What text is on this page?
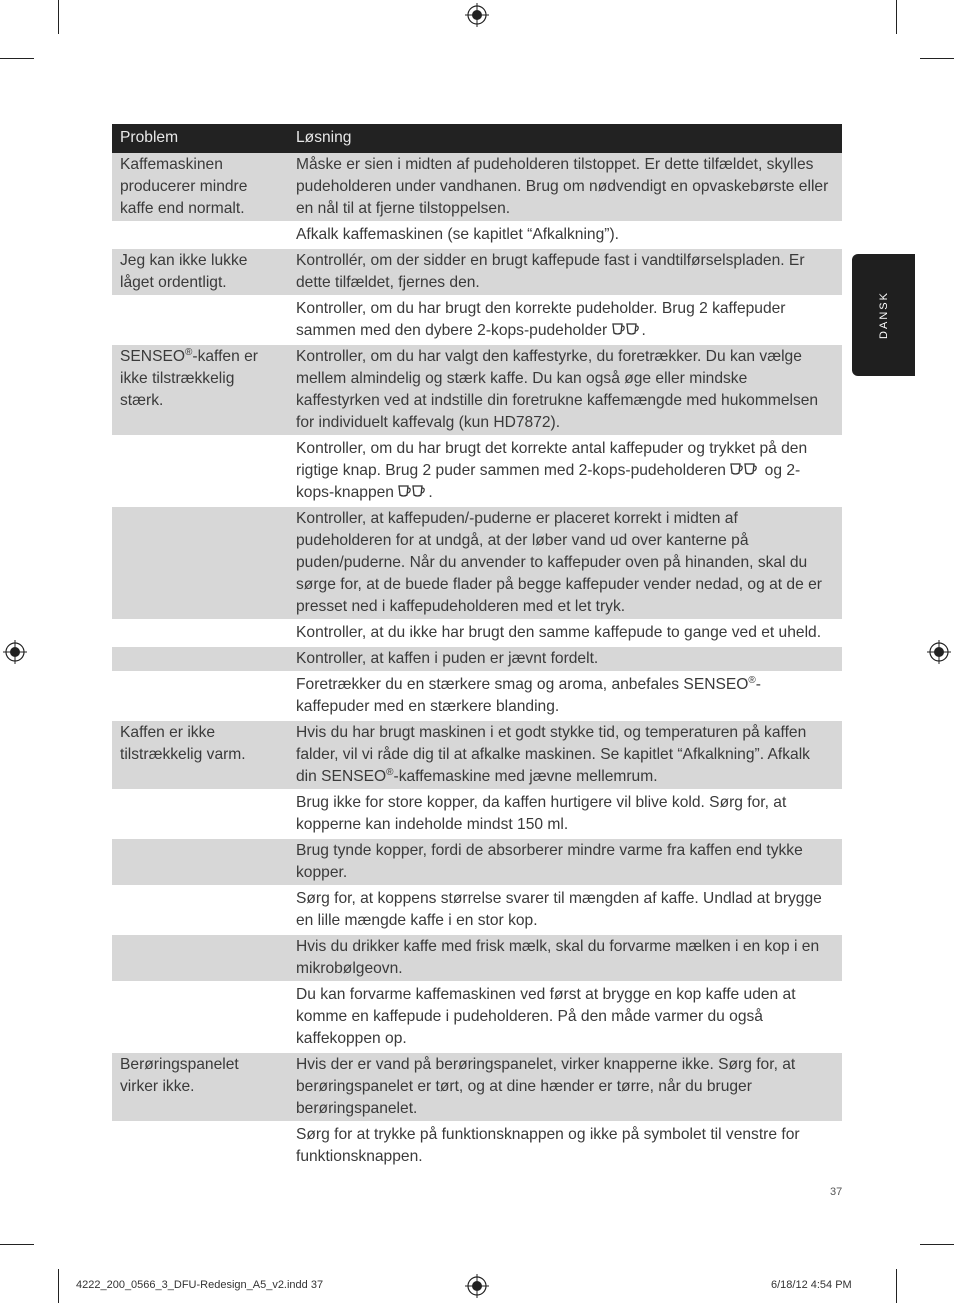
DANSK
Problem	Løsning
Kaffemaskinen producerer mindre kaffe end normalt.	Måske er sien i midten af pudeholderen tilstoppet. Er dette tilfældet, skylles pudeholderen under vandhanen. Brug om nødvendigt en opvaskebørste eller en nål til at fjerne tilstoppelsen.
	Afkalk kaffemaskinen (se kapitlet “Afkalkning”).
Jeg kan ikke lukke låget ordentligt.	Kontrollér, om der sidder en brugt kaffepude fast i vandtilførselspladen. Er dette tilfældet, fjernes den.
	Kontroller, om du har brugt den korrekte pudeholder. Brug 2 kaffepuder sammen med den dybere 2-kops-pudeholder .
SENSEO®-kaffen er ikke tilstrækkelig stærk.	Kontroller, om du har valgt den kaffestyrke, du foretrækker. Du kan vælge mellem almindelig og stærk kaffe. Du kan også øge eller mindske kaffestyrken ved at indstille din foretrukne kaffemængde med hukommelsen for individuelt kaffevalg (kun HD7872).
	Kontroller, om du har brugt det korrekte antal kaffepuder og trykket på den rigtige knap. Brug 2 puder sammen med 2-kops-pudeholderen og 2-kops-knappen .
	Kontroller, at kaffepuden/-puderne er placeret korrekt i midten af pudeholderen for at undgå, at der løber vand ud over kanterne på puden/puderne. Når du anvender to kaffepuder oven på hinanden, skal du sørge for, at de buede flader på begge kaffepuder vender nedad, og at de er presset ned i kaffepudeholderen med et let tryk.
	Kontroller, at du ikke har brugt den samme kaffepude to gange ved et uheld.
	Kontroller, at kaffen i puden er jævnt fordelt.
	Foretrækker du en stærkere smag og aroma, anbefales SENSEO®-kaffepuder med en stærkere blanding.
Kaffen er ikke tilstrækkelig varm.	Hvis du har brugt maskinen i et godt stykke tid, og temperaturen på kaffen falder, vil vi råde dig til at afkalke maskinen. Se kapitlet “Afkalkning”. Afkalk din SENSEO®-kaffemaskine med jævne mellemrum.
	Brug ikke for store kopper, da kaffen hurtigere vil blive kold. Sørg for, at kopperne kan indeholde mindst 150 ml.
	Brug tynde kopper, fordi de absorberer mindre varme fra kaffen end tykke kopper.
	Sørg for, at koppens størrelse svarer til mængden af kaffe. Undlad at brygge en lille mængde kaffe i en stor kop.
	Hvis du drikker kaffe med frisk mælk, skal du forvarme mælken i en kop i en mikrobølgeovn.
	Du kan forvarme kaffemaskinen ved først at brygge en kop kaffe uden at komme en kaffepude i pudeholderen. På den måde varmer du også kaffekoppen op.
Berøringspanelet virker ikke.	Hvis der er vand på berøringspanelet, virker knapperne ikke. Sørg for, at berøringspanelet er tørt, og at dine hænder er tørre, når du bruger berøringspanelet.
	Sørg for at trykke på funktionsknappen og ikke på symbolet til venstre for funktionsknappen.
37
4222_200_0566_3_DFU-Redesign_A5_v2.indd 37	6/18/12 4:54 PM
